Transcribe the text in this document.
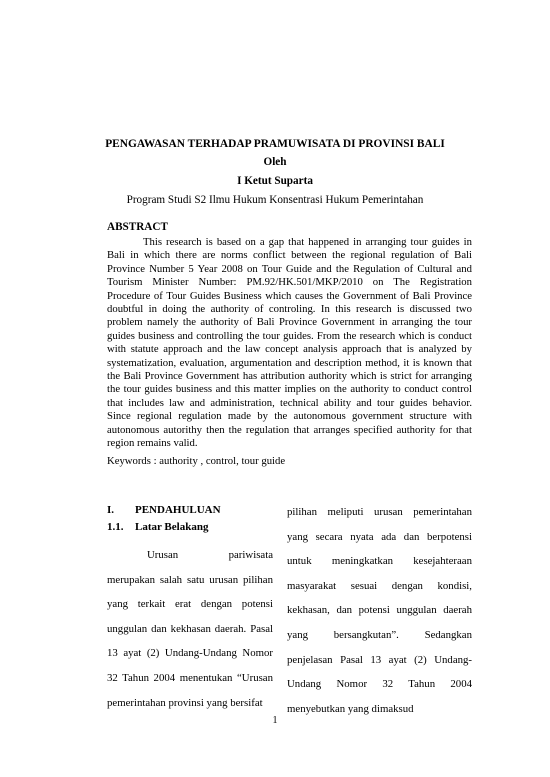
PENGAWASAN TERHADAP PRAMUWISATA DI PROVINSI BALI
Oleh
I Ketut Suparta
Program Studi S2 Ilmu Hukum Konsentrasi Hukum Pemerintahan
ABSTRACT
This research is based on a gap that happened in arranging tour guides in Bali in which there are norms conflict between the regional regulation of Bali Province Number 5 Year 2008 on Tour Guide and the Regulation of Cultural and Tourism Minister Number: PM.92/HK.501/MKP/2010 on The Registration Procedure of Tour Guides Business which causes the Government of Bali Province doubtful in doing the authority of controling. In this research is discussed two problem namely the authority of Bali Province Government in arranging the tour guides business and controlling the tour guides. From the research which is conduct with statute approach and the law concept analysis approach that is analyzed by systematization, evaluation, argumentation and description method, it is known that the Bali Province Government has attribution authority which is strict for arranging the tour guides business and this matter implies on the authority to conduct control that includes law and administration, technical ability and tour guides behavior. Since regional regulation made by the autonomous government structure with autonomous autorithy then the regulation that arranges specified authority for that region remains valid.
Keywords : authority , control, tour guide
I. PENDAHULUAN
1.1. Latar Belakang
Urusan pariwisata merupakan salah satu urusan pilihan yang terkait erat dengan potensi unggulan dan kekhasan daerah. Pasal 13 ayat (2) Undang-Undang Nomor 32 Tahun 2004 menentukan “Urusan pemerintahan provinsi yang bersifat
pilihan meliputi urusan pemerintahan yang secara nyata ada dan berpotensi untuk meningkatkan kesejahteraan masyarakat sesuai dengan kondisi, kekhasan, dan potensi unggulan daerah yang bersangkutan”. Sedangkan penjelasan Pasal 13 ayat (2) Undang-Undang Nomor 32 Tahun 2004 menyebutkan yang dimaksud
1
